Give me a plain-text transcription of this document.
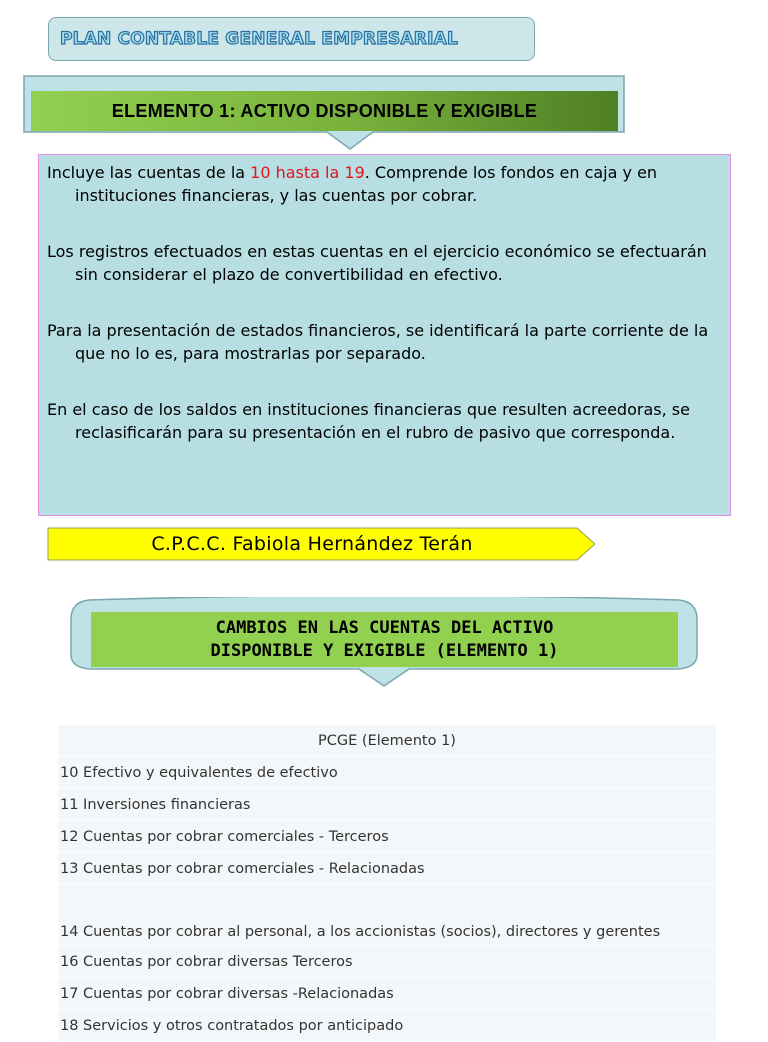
PLAN CONTABLE GENERAL EMPRESARIAL
ELEMENTO 1: ACTIVO DISPONIBLE Y EXIGIBLE

Incluye las cuentas de la 10 hasta la 19. Comprende los fondos en caja y en instituciones financieras, y las cuentas por cobrar.

Los registros efectuados en estas cuentas en el ejercicio económico se efectuarán sin considerar el plazo de convertibilidad en efectivo.

Para la presentación de estados financieros, se identificará la parte corriente de la que no lo es, para mostrarlas por separado.

En el caso de los saldos en instituciones financieras que resulten acreedoras, se reclasificarán para su presentación en el rubro de pasivo que corresponda.

C.P.C.C. Fabiola Hernández Terán
CAMBIOS EN LAS CUENTAS DEL ACTIVO
DISPONIBLE Y EXIGIBLE (ELEMENTO 1)
PCGE (Elemento 1)
10 Efectivo y equivalentes de efectivo
11 Inversiones financieras
12 Cuentas por cobrar comerciales - Terceros
13 Cuentas por cobrar comerciales - Relacionadas
14 Cuentas por cobrar al personal, a los accionistas (socios), directores y gerentes
16 Cuentas por cobrar diversas Terceros
17 Cuentas por cobrar diversas -Relacionadas
18 Servicios y otros contratados por anticipado
